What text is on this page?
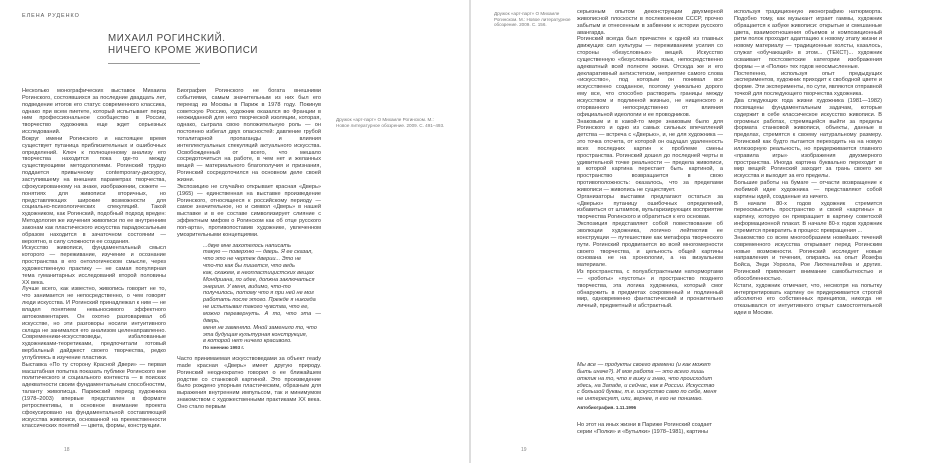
ЕЛЕНА РУДЕНКО
МИХАИЛ РОГИНСКИЙ.
НИЧЕГО КРОМЕ ЖИВОПИСИ

Несколько монографических выставок Михаила Рогинского, состоявшихся за последние двадцать лет, подведение итогов его статус современного классика, однако при всем пиетете, который испытывает перед ним профессиональное сообщество в России, творчество художника еще ждет серьезных исследований.

Вокруг имени Рогинского и настоящее время существует путаница приблизительных и ошибочных определений. Ключ к полноценному анализу его творчества находится пока где-то между существующими методологиями. Рогинский трудно поддается привычному contemporary-дискурсу, заступившему на внешних параметрах творчества, сфокусированному на знаке, изображении, сюжете — понятиях для живописи вторичных, но представляющих широкие возможности для социально-психологических спекуляций. Такой художником, как Рогинский, подобный подход вреден: Методология же изучения живописи по ее внутренним законам как пластического искусства парадоксальным образом находится в зачаточном состоянии — вероятно, в силу сложности ее создания.

Искусство живописи, фундаментальный смысл которого — переживание, изучение и осознание пространства в его онтологическом смысле, через художественную практику — не самая популярная тема гуманитарных исследований второй половины ХХ века.

Лучше всего, как известно, живопись говорит не то, что занимается не непосредственно, о чем говорят люди искусства. И Рогинский принадлежал к ним — не владел понятием невыносимого эффектного автокомментария. Он охотно разговаривал об искусстве, но эти разговоры носили интуитивного склада не занимался его анализом целенаправленно. Современники-искусствоведы, избалованные художниками-теоретиками, предпочитали готовый вербальный дайджест своего творчества, редко углубляясь в изучение пластики.

Выставка «По ту сторону Красной Двери» — первая масштабная попытка показать публике Рогинского вне политического и социального контекста — в поисках адекватности своим фундаментальным способностям, таланту живописца. Парижский период художника (1978–2003) впервые представлен в формате ретроспективы, в основное внимание проекта сфокусировано на фундаментальной составляющей искусства живописи, основанной на преемственности классических понятий — цвета, формы, конструкции.

Биография Рогинского не богата внешними событиями, самым значительным из них был его переезд из Москвы в Париж в 1978 году. Покинув советскую Россию, художник оказался во Франции в неожиданной для него творческой изоляции, которая, однако, сыграла свою положительную роль — он постоянно избегал двух опасностей: давление грубой тоталитарной пропаганды и влияния интеллектуальных спекуляций актуального искусства. Освобожденный от всего, что мешало сосредоточиться на работе, в чем нет и желанных вещей — материального благополучия и признания, Рогинский сосредоточился на основном деле своей жизни.

Экспозицию не случайно открывает красная «Дверь» (1965) — единственная на выставке произведение Рогинского, относящееся к российскому периоду — самое значительное, но и символ «Дверь» в нашей выставке и в ее составе символизирует слияние с эффектным мифом о Рогинском как об отце русского поп-арта», противопоставив художнике, увлеченном умозрительными концепциями.

...двуе мне захотелось написать
такую — поверхню — дверь. Я ее сказал,
что это не чертеж дверии... Это не
что-то как бы пишется, что ведь
как, скажем, в неопластицистских вещах
Мондриана, по идее, должна заключаться
энергия. У меня, видимо, что-то
получилось, потому что я при ней не мог
работать после этого. Прежде я никогда
не испытывал такого чувства, что ее,
можно перевернуть. А то, что эта — дверь,
меня не заменяло. Мной заменило то, что
эта будущая культурная конструкция,
в которой нет ничего красивого.

По мнению 1993 г.

Часто принимаемая искусствоведами за объект ready made красная «Дверь» имеет другую природу. Рогинский неоднократно говорил о ее ближайшем родстве со станковой картиной. Это произведение было рождено упорным пластическим, образным для выражения внутренним импульсом, так и минимумом знакомством с художественными практиками ХХ века. Оно стало первым

Дружок «арт-парт» О Михаиле Рогинском. М.: Новое литературное обозрение. 2009. С. 491–493.
18
Дружок «арт-парт» О Михаиле Рогинском. М.: Новое литературное обозрение. 2009. С. 156.

серьезным опытом деконструкции двухмерной живописной плоскости в послевоенном СССР, прочно забытым и отнесенным в забвении к истории русского авангарда.

Рогинский всегда был причастен к одной из главных движущих сил культуры — переживанием усилия со стороны «безусловных» вещей. Искусство существенную «безусловный» язык, непосредственно адекватный всей полноте жизни. Отсюда же и его декларативный антиэстетизм, неприятие самого слова «искусство», под которым он понимал все искусственно созданное, поэтому уникально дорого ему все, что способно растворить границы между искусством и подлинной жизнью, не нищенского и оторванного непосредственно от влияния официальной идеологии и ее проводников.

Знаковым и в какой-то мере знаковым было для Рогинского и одно из самых сильных впечатлений детства — встреча с «Дверью», и, не для художника — это точка отсчета, от которой он ощущал удаленность всех последних картин к проблеме смены пространства. Рогинский дошел до последней черты в удивительной точке реальности — предела живописи, в которой картина перестает быть картиной, а пространство возвращается в свою противоположность: оказалось, что за пределами живописи — живопись не существует.

Организаторы выставки предлагают остаться за «Дверью» путаницу ошибочных определений, избавиться от штампов, вульгаризирующих восприятие творчества Рогинского и обратиться к его основам.

Экспозиция представляет собой повествование об эволюции художника, логично лейтмотив ее конструкции — путешествие как метафора творческого пути. Рогинский продвигается во всей многомерности своего творчества, и цельность общей картины основана не на хронологии, а на визуальном материале.

Из пространства, с полуабстрактными натюрмортами — «роботы» «пустоты» и пространство позднего творчества, эта логика художника, который смог обнаружить в предметах сокровенный и подлинный мир, одновременно фантастический и пронзительно личный, предметный и абстрактный.

Мы все — продукты своего времени (и как может быть иначе?). И моя работа — это всего лишь отклик на то, что я вижу и знаю, что происходит здесь, на Западе, и сейчас, как в России. Искусство с большой буквы, т.е. искусство само по себе, меня не интересует, или, вернее, я его не понимаю.
Автобиография. 1.11.1996
Но этот на иных жизни в Париже Рогинский создает серии «Полки» и «Бутылки» (1978–1981), картины

используя традиционную иконографию натюрморта. Подобно тому, как музыкант играет гаммы, художник обращается к азбуке живописи: открытые и смешанные цвета, взаимоотношения объемов и композиционный ритм полок проходит адаптацию к новому этапу жизни и новому материалу — традиционные холсты, казалось, служат «обучающей» в этом... (ТЕКСТ)... художник осваивает постсоветские категории изображения формы — и «Полки» тех годов неосмысленные.

Постепенно, используя опыт предыдущих экспериментов, художник приходит к свободной цвете и форме. Эти эксперименты, по сути, являются отправной точкой для последующего творчества художника.

Два следующих года жизни художника (1981—1982) посвящены фундаментальным задачам, которые содержит в себе классическое искусство живописи. В огромных работах, стремящейся выйти за пределы формата станковой живописи, объекты, данные в пределах, стремятся к своему натуральному размеру. Рогинский как будто пытается переходить на на новую иллюзорную реальность, но придерживается главного «правила игры» изображения двухмерного пространства. Иногда картина буквально переходит в мир вещей: Рогинский заходит за грань своего же искусства и выходит за его пределы.

Большие работы на бумаге — отчасти возвращение к любимой идее художника — представляют собой картины идей, созданные из ничего.

В начале 80-х годов художник стремится переосмыслить пространство и своей «картины» в картину, которую он превращает в картину советской информационной плакат. В начале 80-х годов художник стремится превратить в процесс превращения ...

Знакомство со всем многообразием новейших течений современного искусства открывает перед Рогинским новые возможности. Рогинский исследует новые направления и течения, опираясь на опыт Йозефа Бойса, Энди Уорхола, Рое Лихтенштейна и других. Рогинский привлекает внимание самобытностью и обособленностью.

Кстати, художник отмечает, что, несмотря на попытку интерпретировать картину он придерживается строгой абсолютно его собственных принципов, никогда не отказывался от интуитивного открыт самостоятельной идеи в Москве.

19
